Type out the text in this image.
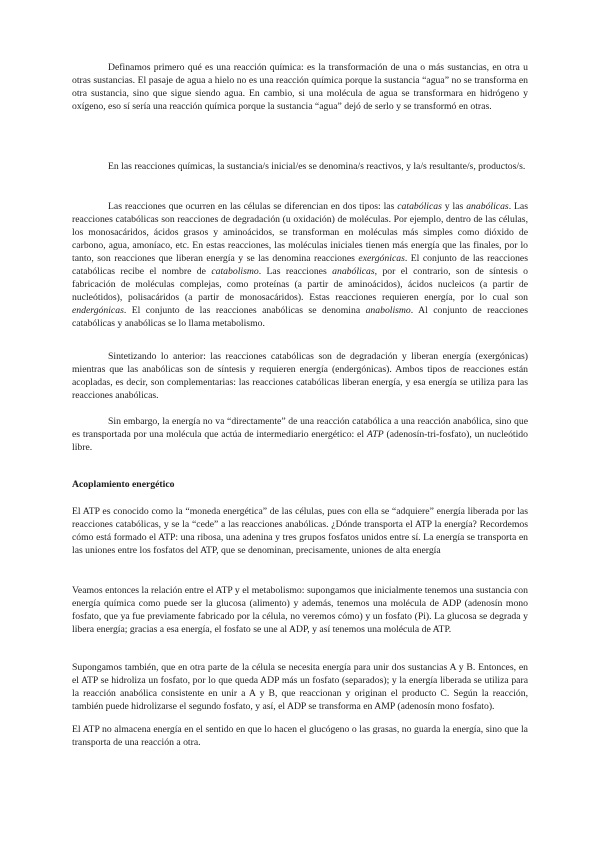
Definamos primero qué es una reacción química: es la transformación de una o más sustancias, en otra u otras sustancias. El pasaje de agua a hielo no es una reacción química porque la sustancia “agua” no se transforma en otra sustancia, sino que sigue siendo agua. En cambio, si una molécula de agua se transformara en hidrógeno y oxígeno, eso sí sería una reacción química porque la sustancia “agua” dejó de serlo y se transformó en otras.

En las reacciones químicas, la sustancia/s inicial/es se denomina/s reactivos, y la/s resultante/s, productos/s.

Las reacciones que ocurren en las células se diferencian en dos tipos: las catabólicas y las anabólicas. Las reacciones catabólicas son reacciones de degradación (u oxidación) de moléculas. Por ejemplo, dentro de las células, los monosacáridos, ácidos grasos y aminoácidos, se transforman en moléculas más simples como dióxido de carbono, agua, amoníaco, etc. En estas reacciones, las moléculas iniciales tienen más energía que las finales, por lo tanto, son reacciones que liberan energía y se las denomina reacciones exergónicas. El conjunto de las reacciones catabólicas recibe el nombre de catabolismo. Las reacciones anabólicas, por el contrario, son de síntesis o fabricación de moléculas complejas, como proteínas (a partir de aminoácidos), ácidos nucleicos (a partir de nucleótidos), polisacáridos (a partir de monosacáridos). Estas reacciones requieren energía, por lo cual son endergónicas. El conjunto de las reacciones anabólicas se denomina anabolismo. Al conjunto de reacciones catabólicas y anabólicas se lo llama metabolismo.

Sintetizando lo anterior: las reacciones catabólicas son de degradación y liberan energía (exergónicas) mientras que las anabólicas son de síntesis y requieren energía (endergónicas). Ambos tipos de reacciones están acopladas, es decir, son complementarias: las reacciones catabólicas liberan energía, y esa energía se utiliza para las reacciones anabólicas.

Sin embargo, la energía no va “directamente” de una reacción catabólica a una reacción anabólica, sino que es transportada por una molécula que actúa de intermediario energético: el ATP (adenosín-tri-fosfato), un nucleótido libre.

Acoplamiento energético

El ATP es conocido como la “moneda energética” de las células, pues con ella se “adquiere” energía liberada por las reacciones catabólicas, y se la “cede” a las reacciones anabólicas. ¿Dónde transporta el ATP la energía? Recordemos cómo está formado el ATP: una ribosa, una adenina y tres grupos fosfatos unidos entre sí. La energía se transporta en las uniones entre los fosfatos del ATP, que se denominan, precisamente, uniones de alta energía

Veamos entonces la relación entre el ATP y el metabolismo: supongamos que inicialmente tenemos una sustancia con energía química como puede ser la glucosa (alimento) y además, tenemos una molécula de ADP (adenosín mono fosfato, que ya fue previamente fabricado por la célula, no veremos cómo) y un fosfato (Pi). La glucosa se degrada y libera energía; gracias a esa energía, el fosfato se une al ADP, y así tenemos una molécula de ATP.

Supongamos también, que en otra parte de la célula se necesita energía para unir dos sustancias A y B. Entonces, en el ATP se hidroliza un fosfato, por lo que queda ADP más un fosfato (separados); y la energía liberada se utiliza para la reacción anabólica consistente en unir a A y B, que reaccionan y originan el producto C. Según la reacción, también puede hidrolizarse el segundo fosfato, y así, el ADP se transforma en AMP (adenosín mono fosfato).

El ATP no almacena energía en el sentido en que lo hacen el glucógeno o las grasas, no guarda la energía, sino que la transporta de una reacción a otra.
